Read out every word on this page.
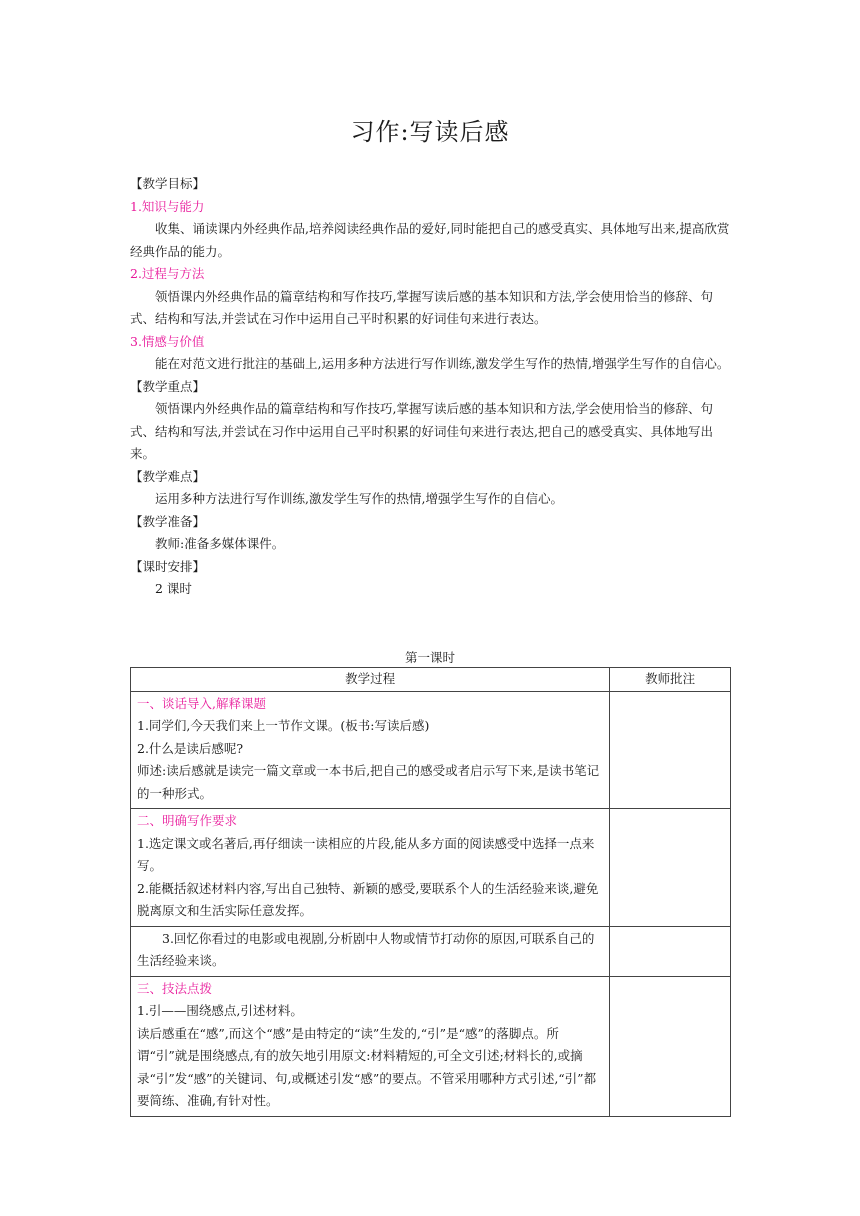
习作:写读后感

【教学目标】

1.知识与能力

收集、诵读课内外经典作品,培养阅读经典作品的爱好,同时能把自己的感受真实、具体地写出来,提高欣赏经典作品的能力。

2.过程与方法

领悟课内外经典作品的篇章结构和写作技巧,掌握写读后感的基本知识和方法,学会使用恰当的修辞、句式、结构和写法,并尝试在习作中运用自己平时积累的好词佳句来进行表达。

3.情感与价值

能在对范文进行批注的基础上,运用多种方法进行写作训练,激发学生写作的热情,增强学生写作的自信心。

【教学重点】

领悟课内外经典作品的篇章结构和写作技巧,掌握写读后感的基本知识和方法,学会使用恰当的修辞、句式、结构和写法,并尝试在习作中运用自己平时积累的好词佳句来进行表达,把自己的感受真实、具体地写出来。

【教学难点】

运用多种方法进行写作训练,激发学生写作的热情,增强学生写作的自信心。

【教学准备】

教师:准备多媒体课件。

【课时安排】

2 课时

第一课时
教学过程	教师批注

一、谈话导入,解释课题

1.同学们,今天我们来上一节作文课。(板书:写读后感)

2.什么是读后感呢?

师述:读后感就是读完一篇文章或一本书后,把自己的感受或者启示写下来,是读书笔记的一种形式。	

二、明确写作要求

1.选定课文或名著后,再仔细读一读相应的片段,能从多方面的阅读感受中选择一点来写。

2.能概括叙述材料内容,写出自己独特、新颖的感受,要联系个人的生活经验来谈,避免脱离原文和生活实际任意发挥。	

3.回忆你看过的电影或电视剧,分析剧中人物或情节打动你的原因,可联系自己的生活经验来谈。	

三、技法点拨

1.引——围绕感点,引述材料。

读后感重在“感”,而这个“感”是由特定的“读”生发的,“引”是“感”的落脚点。所谓“引”就是围绕感点,有的放矢地引用原文:材料精短的,可全文引述;材料长的,或摘录“引”发“感”的关键词、句,或概述引发“感”的要点。不管采用哪种方式引述,“引”都要简练、准确,有针对性。	
